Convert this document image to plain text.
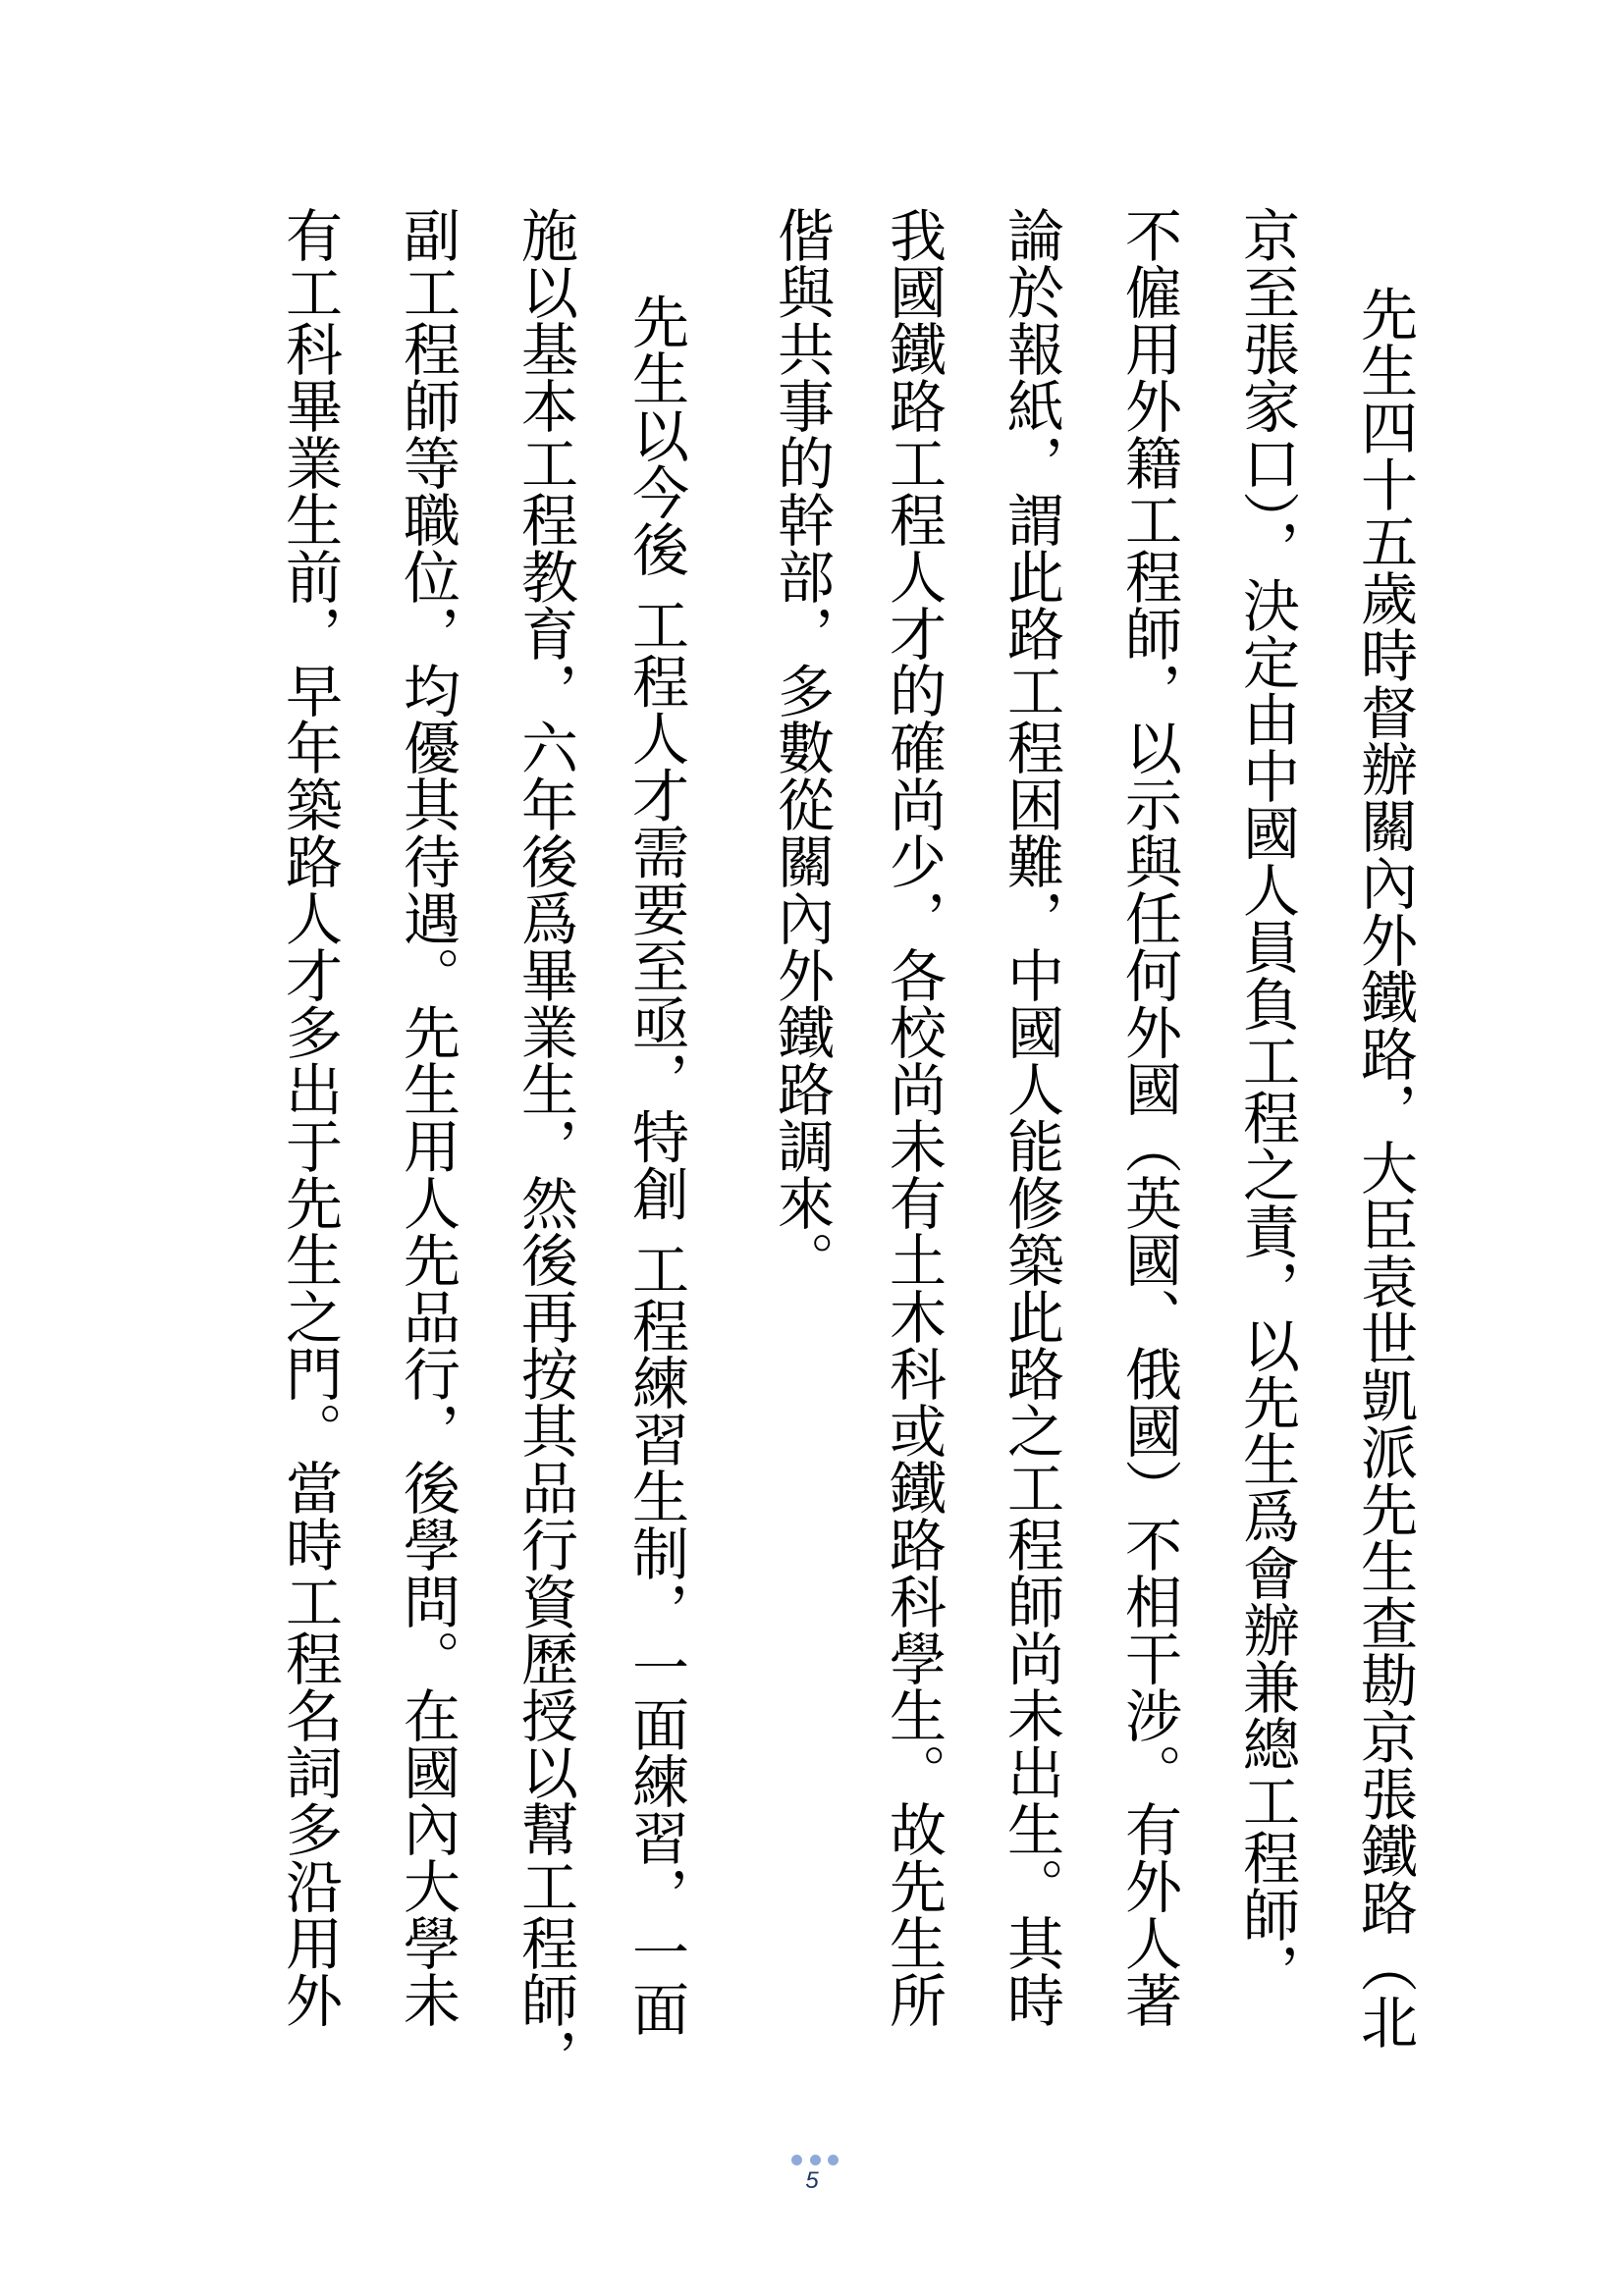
先生四十五歲時督辦關內外鐵路，大臣袁世凱派先生查勘京張鐵路（北
京至張家口），決定由中國人員負工程之責，以先生爲會辦兼總工程師，
不僱用外籍工程師，以示與任何外國（英國、俄國）不相干涉。有外人著
論於報紙，謂此路工程困難，中國人能修築此路之工程師尚未出生。其時
我國鐵路工程人才的確尚少，各校尚未有土木科或鐵路科學生。故先生所
偕與共事的幹部，多數從關內外鐵路調來。
先生以今後 工程人才需要至亟，特創 工程練習生制，一面練習，一面
施以基本工程教育，六年後爲畢業生，然後再按其品行資歷授以幫工程師，
副工程師等職位，均優其待遇。先生用人先品行，後學問。在國內大學未
有工科畢業生前，早年築路人才多出于先生之門。當時工程名詞多沿用外
5
